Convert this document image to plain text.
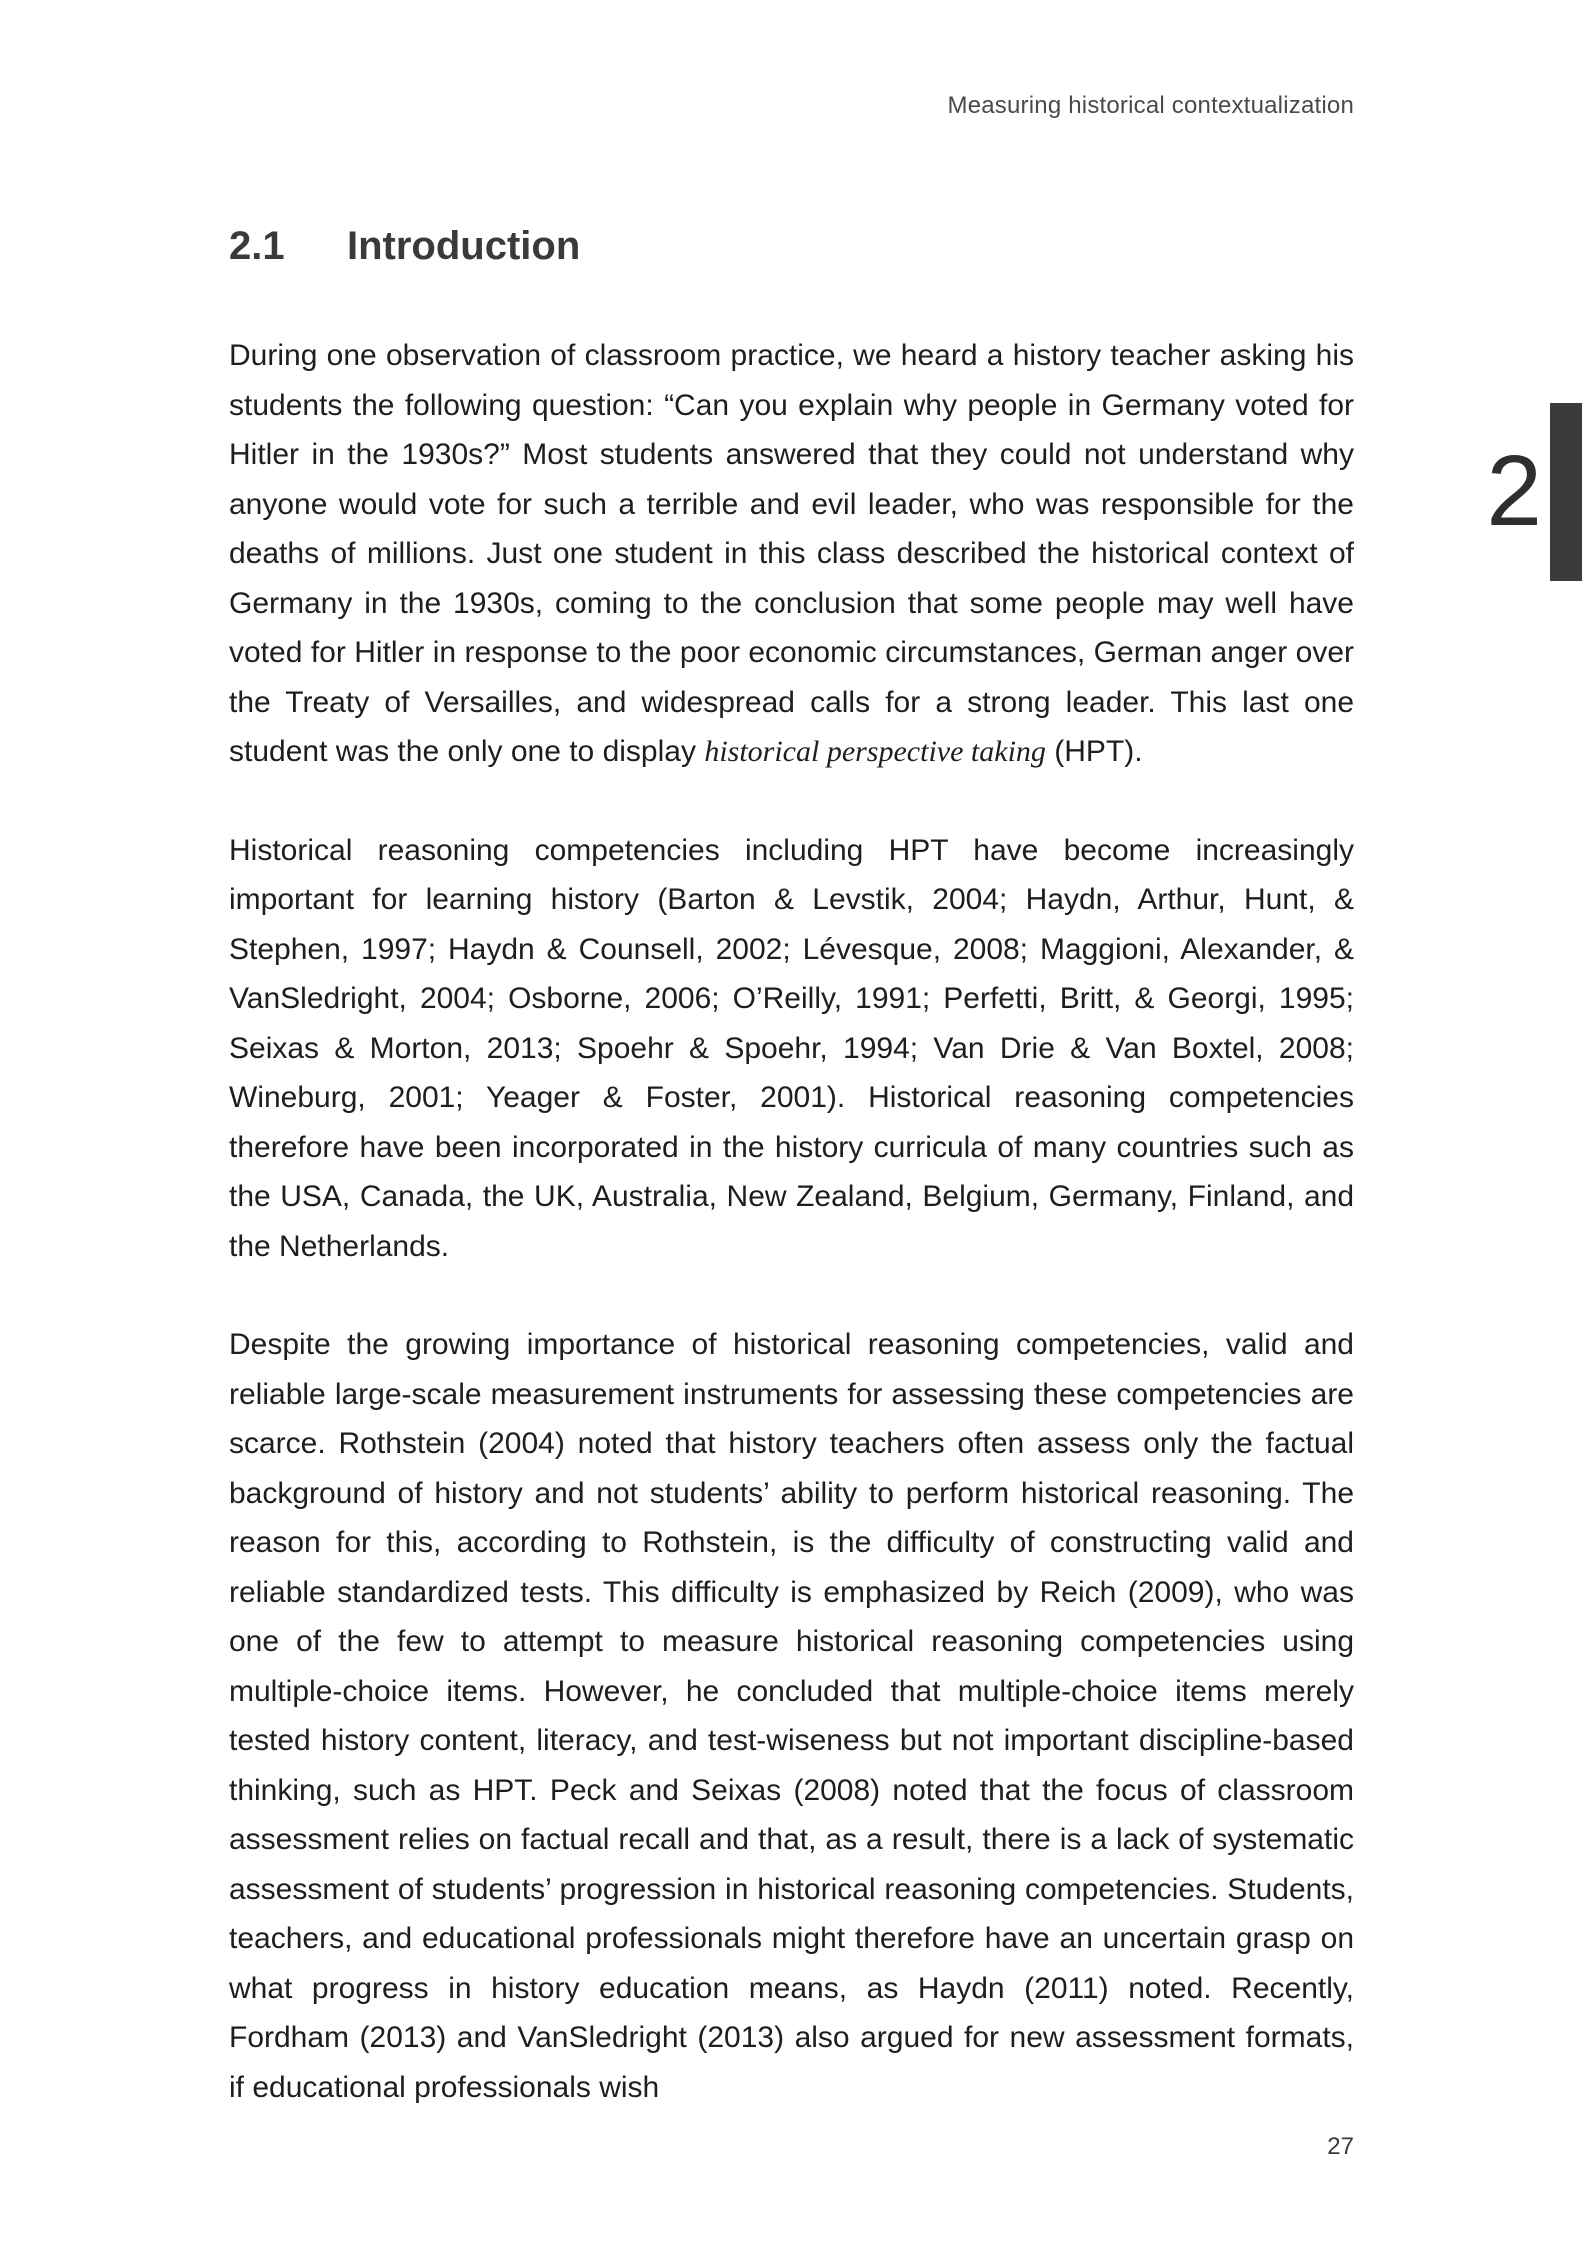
Measuring historical contextualization
2.1 Introduction
2

During one observation of classroom practice, we heard a history teacher asking his students the following question: “Can you explain why people in Germany voted for Hitler in the 1930s?” Most students answered that they could not understand why anyone would vote for such a terrible and evil leader, who was responsible for the deaths of millions. Just one student in this class described the historical context of Germany in the 1930s, coming to the conclusion that some people may well have voted for Hitler in response to the poor economic circumstances, German anger over the Treaty of Versailles, and widespread calls for a strong leader. This last one student was the only one to display historical perspective taking (HPT).

Historical reasoning competencies including HPT have become increasingly important for learning history (Barton & Levstik, 2004; Haydn, Arthur, Hunt, & Stephen, 1997; Haydn & Counsell, 2002; Lévesque, 2008; Maggioni, Alexander, & VanSledright, 2004; Osborne, 2006; O’Reilly, 1991; Perfetti, Britt, & Georgi, 1995; Seixas & Morton, 2013; Spoehr & Spoehr, 1994; Van Drie & Van Boxtel, 2008; Wineburg, 2001; Yeager & Foster, 2001). Historical reasoning competencies therefore have been incorporated in the history curricula of many countries such as the USA, Canada, the UK, Australia, New Zealand, Belgium, Germany, Finland, and the Netherlands.

Despite the growing importance of historical reasoning competencies, valid and reliable large-scale measurement instruments for assessing these competencies are scarce. Rothstein (2004) noted that history teachers often assess only the factual background of history and not students’ ability to perform historical reasoning. The reason for this, according to Rothstein, is the difficulty of constructing valid and reliable standardized tests. This difficulty is emphasized by Reich (2009), who was one of the few to attempt to measure historical reasoning competencies using multiple-choice items. However, he concluded that multiple-choice items merely tested history content, literacy, and test-wiseness but not important discipline-based thinking, such as HPT. Peck and Seixas (2008) noted that the focus of classroom assessment relies on factual recall and that, as a result, there is a lack of systematic assessment of students’ progression in historical reasoning competencies. Students, teachers, and educational professionals might therefore have an uncertain grasp on what progress in history education means, as Haydn (2011) noted. Recently, Fordham (2013) and VanSledright (2013) also argued for new assessment formats, if educational professionals wish

27
